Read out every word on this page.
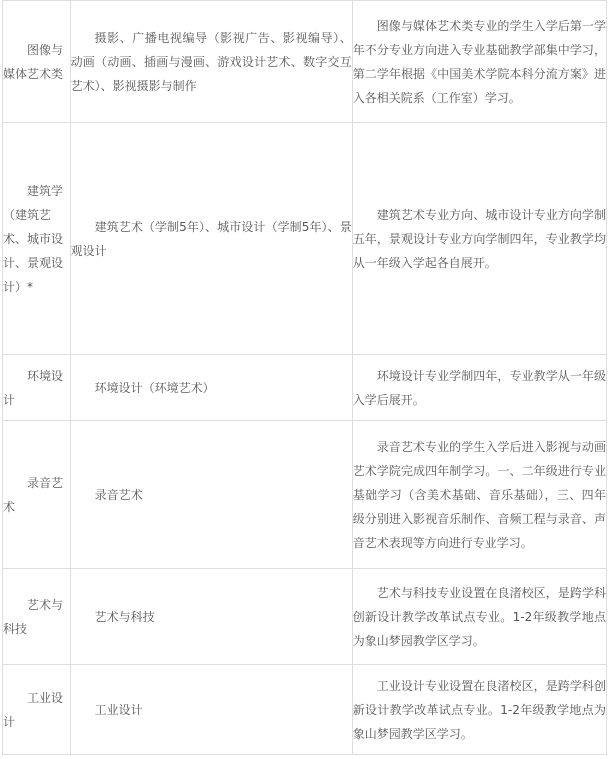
图像与媒体艺术类	摄影、广播电视编导（影视广告、影视编导）、动画（动画、插画与漫画、游戏设计艺术、数字交互艺术）、影视摄影与制作	图像与媒体艺术类专业的学生入学后第一学年不分专业方向进入专业基础教学部集中学习，第二学年根据《中国美术学院本科分流方案》进入各相关院系（工作室）学习。

建筑学（建筑艺术、城市设计、景观设计）*	建筑艺术（学制5年）、城市设计（学制5年）、景观设计	建筑艺术专业方向、城市设计专业方向学制五年，景观设计专业方向学制四年，专业教学均从一年级入学起各自展开。

环境设计	环境设计（环境艺术）	环境设计专业学制四年，专业教学从一年级入学后展开。

录音艺术	录音艺术	录音艺术专业的学生入学后进入影视与动画艺术学院完成四年制学习。一、二年级进行专业基础学习（含美术基础、音乐基础），三、四年级分别进入影视音乐制作、音频工程与录音、声音艺术表现等方向进行专业学习。

艺术与科技	艺术与科技	艺术与科技专业设置在良渚校区，是跨学科创新设计教学改革试点专业。1-2年级教学地点为象山梦园教学区学习。

工业设计	工业设计	工业设计专业设置在良渚校区，是跨学科创新设计教学改革试点专业。1-2年级教学地点为象山梦园教学区学习。
